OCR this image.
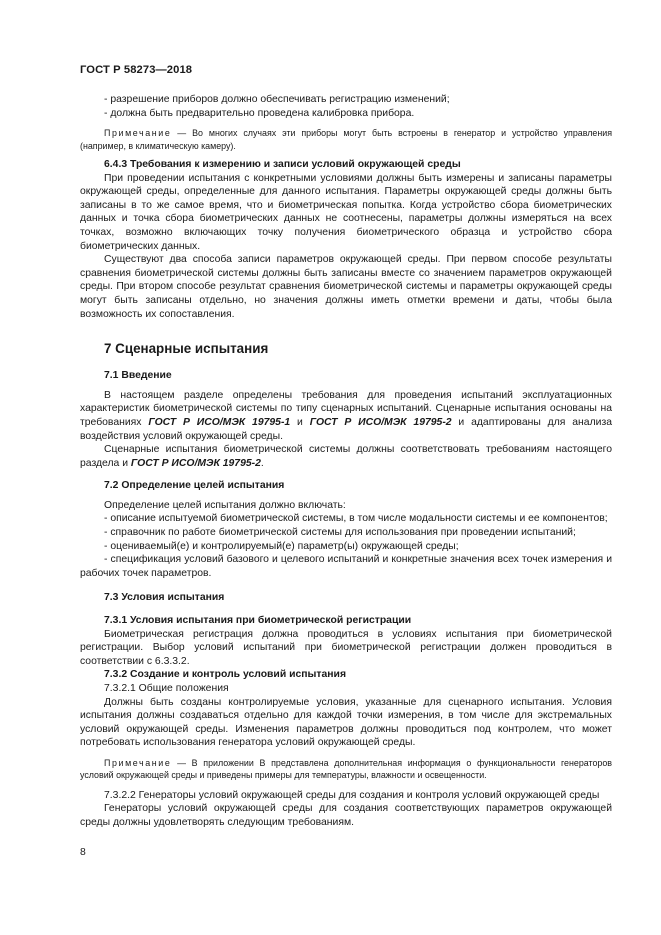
ГОСТ Р 58273—2018

- разрешение приборов должно обеспечивать регистрацию изменений;

- должна быть предварительно проведена калибровка прибора.

Примечание — Во многих случаях эти приборы могут быть встроены в генератор и устройство управления (например, в климатическую камеру).

6.4.3 Требования к измерению и записи условий окружающей среды

При проведении испытания с конкретными условиями должны быть измерены и записаны параметры окружающей среды, определенные для данного испытания. Параметры окружающей среды должны быть записаны в то же самое время, что и биометрическая попытка. Когда устройство сбора биометрических данных и точка сбора биометрических данных не соотнесены, параметры должны измеряться на всех точках, возможно включающих точку получения биометрического образца и устройство сбора биометрических данных.

Существуют два способа записи параметров окружающей среды. При первом способе результаты сравнения биометрической системы должны быть записаны вместе со значением параметров окружающей среды. При втором способе результат сравнения биометрической системы и параметры окружающей среды могут быть записаны отдельно, но значения должны иметь отметки времени и даты, чтобы была возможность их сопоставления.

7 Сценарные испытания

7.1 Введение

В настоящем разделе определены требования для проведения испытаний эксплуатационных характеристик биометрической системы по типу сценарных испытаний. Сценарные испытания основаны на требованиях ГОСТ Р ИСО/МЭК 19795-1 и ГОСТ Р ИСО/МЭК 19795-2 и адаптированы для анализа воздействия условий окружающей среды.

Сценарные испытания биометрической системы должны соответствовать требованиям настоящего раздела и ГОСТ Р ИСО/МЭК 19795-2.

7.2 Определение целей испытания

Определение целей испытания должно включать:

- описание испытуемой биометрической системы, в том числе модальности системы и ее компонентов;

- справочник по работе биометрической системы для использования при проведении испытаний;

- оцениваемый(е) и контролируемый(е) параметр(ы) окружающей среды;

- спецификация условий базового и целевого испытаний и конкретные значения всех точек измерения и рабочих точек параметров.

7.3 Условия испытания

7.3.1 Условия испытания при биометрической регистрации

Биометрическая регистрация должна проводиться в условиях испытания при биометрической регистрации. Выбор условий испытаний при биометрической регистрации должен проводиться в соответствии с 6.3.3.2.

7.3.2 Создание и контроль условий испытания

7.3.2.1 Общие положения

Должны быть созданы контролируемые условия, указанные для сценарного испытания. Условия испытания должны создаваться отдельно для каждой точки измерения, в том числе для экстремальных условий окружающей среды. Изменения параметров должны проводиться под контролем, что может потребовать использования генератора условий окружающей среды.

Примечание — В приложении В представлена дополнительная информация о функциональности генераторов условий окружающей среды и приведены примеры для температуры, влажности и освещенности.

7.3.2.2 Генераторы условий окружающей среды для создания и контроля условий окружающей среды

Генераторы условий окружающей среды для создания соответствующих параметров окружающей среды должны удовлетворять следующим требованиям.

8
